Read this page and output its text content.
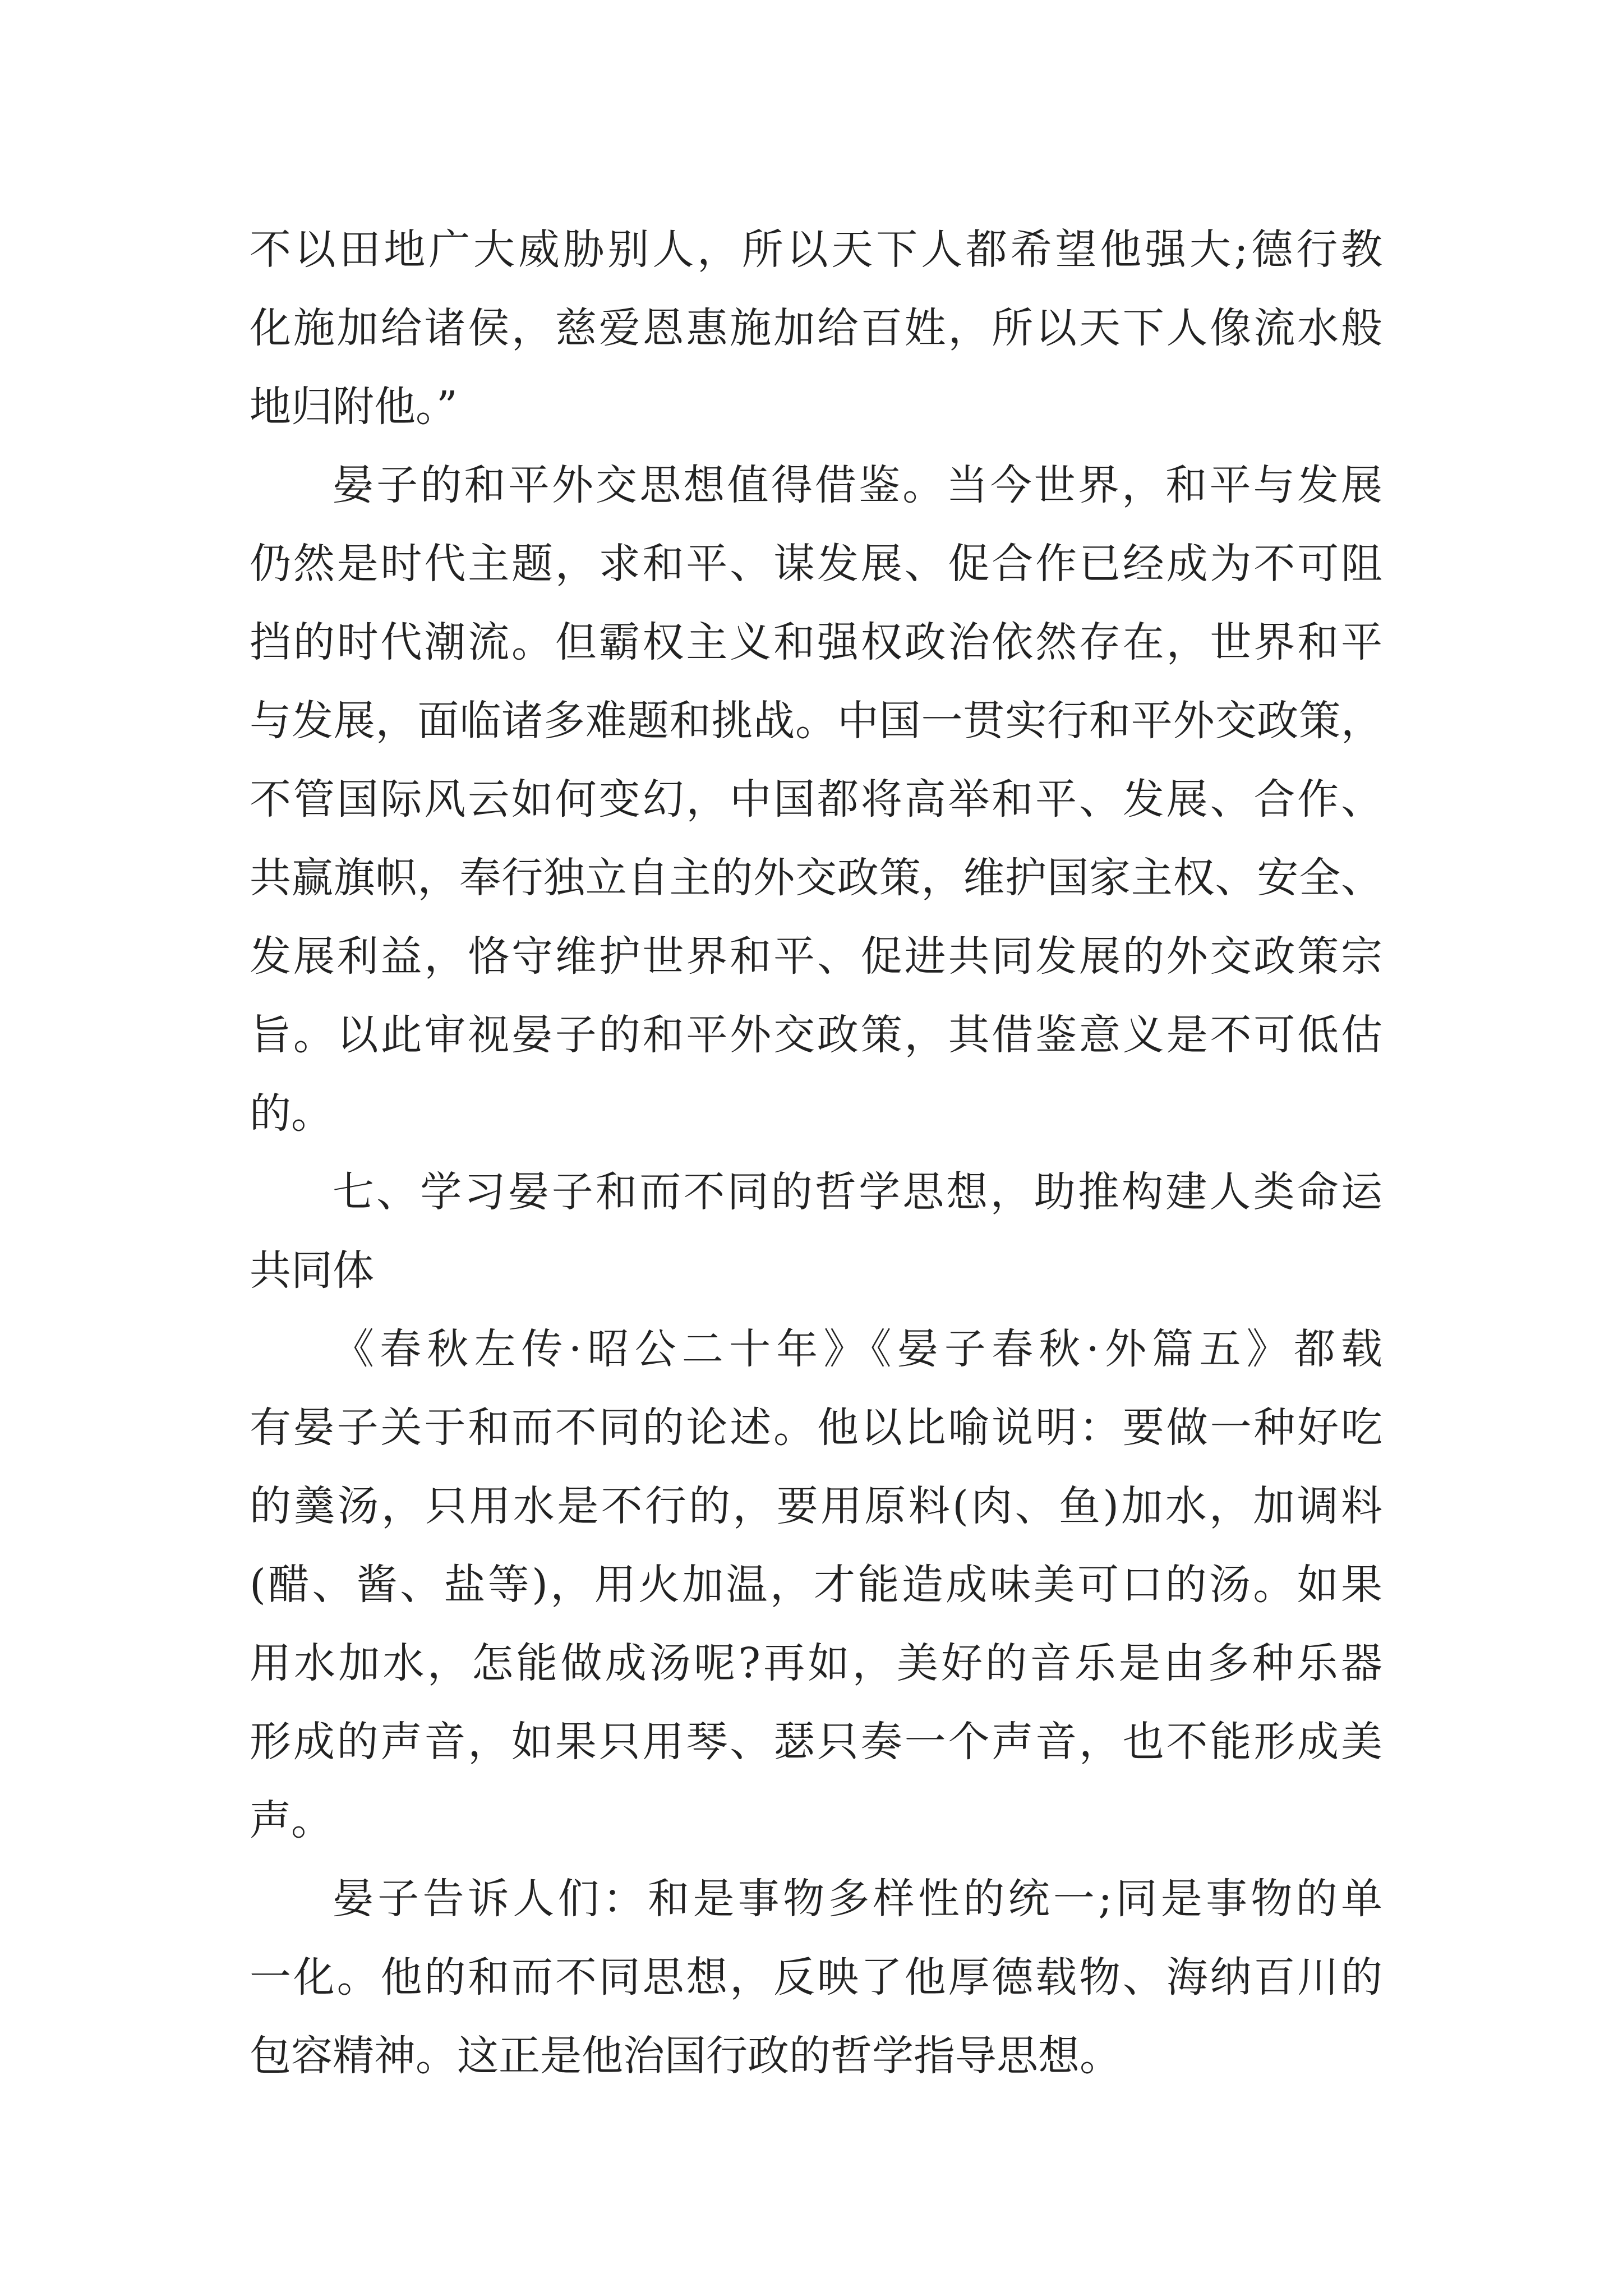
不以田地广大威胁别人，所以天下人都希望他强大;德行教
化施加给诸侯，慈爱恩惠施加给百姓，所以天下人像流水般
地归附他。”
晏子的和平外交思想值得借鉴。当今世界，和平与发展
仍然是时代主题，求和平、谋发展、促合作已经成为不可阻
挡的时代潮流。但霸权主义和强权政治依然存在，世界和平
与发展，面临诸多难题和挑战。中国一贯实行和平外交政策，
不管国际风云如何变幻，中国都将高举和平、发展、合作、
共赢旗帜，奉行独立自主的外交政策，维护国家主权、安全、
发展利益，恪守维护世界和平、促进共同发展的外交政策宗
旨。以此审视晏子的和平外交政策，其借鉴意义是不可低估
的。
七、学习晏子和而不同的哲学思想，助推构建人类命运
共同体
《春秋左传·昭公二十年》《晏子春秋·外篇五》都载
有晏子关于和而不同的论述。他以比喻说明：要做一种好吃
的羹汤，只用水是不行的，要用原料(肉、鱼)加水，加调料
(醋、酱、盐等)，用火加温，才能造成味美可口的汤。如果
用水加水，怎能做成汤呢?再如，美好的音乐是由多种乐器
形成的声音，如果只用琴、瑟只奏一个声音，也不能形成美
声。
晏子告诉人们：和是事物多样性的统一;同是事物的单
一化。他的和而不同思想，反映了他厚德载物、海纳百川的
包容精神。这正是他治国行政的哲学指导思想。
